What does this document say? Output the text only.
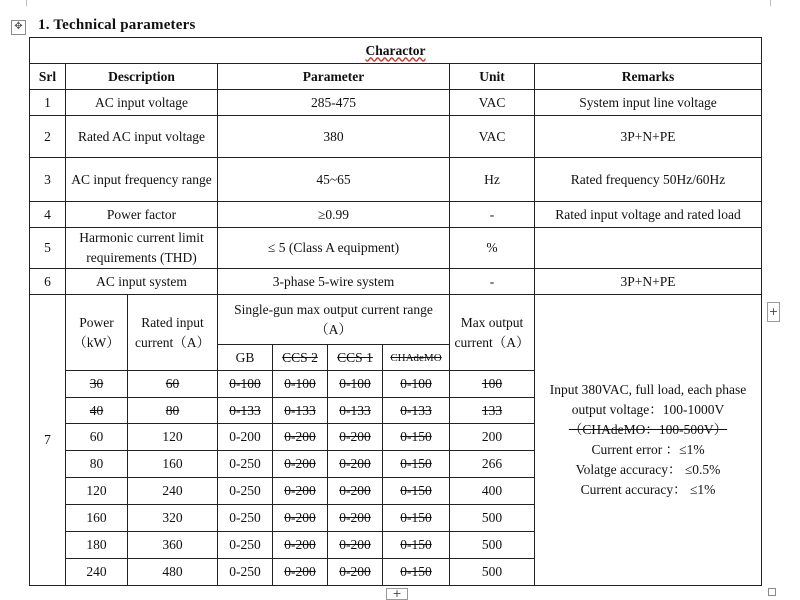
✥ 1. Technical parameters
Charactor								
Srl	Description		Parameter				Unit	Remarks
1	AC input voltage		285-475				VAC	System input line voltage
2	Rated AC input voltage		380				VAC	3P+N+PE
3	AC input frequency range		45~65				Hz	Rated frequency 50Hz/60Hz
4	Power factor		≥0.99				-	Rated input voltage and rated load
5	Harmonic current limit requirements (THD)		≤ 5 (Class A equipment)				%	
6	AC input system		3-phase 5-wire system				-	3P+N+PE
7	Power（kW）	Rated input current（A）	Single-gun max output current range （A）				Max output current（A）	Input 380VAC, full load, each phase output voltage：100-1000V
（CHAdeMO：100-500V）
Current error ：≤1%
Volatge accuracy： ≤0.5%
Current accuracy： ≤1%

			GB	CCS 2	CCS 1	CHAdeMO		
	30	60	0-100	0-100	0-100	0-100	100	
	40	80	0-133	0-133	0-133	0-133	133	
	60	120	0-200	0-200	0-200	0-150	200	
	80	160	0-250	0-200	0-200	0-150	266	
	120	240	0-250	0-200	0-200	0-150	400	
	160	320	0-250	0-200	0-200	0-150	500	
	180	360	0-250	0-200	0-200	0-150	500	
	240	480	0-250	0-200	0-200	0-150	500	
+
+
